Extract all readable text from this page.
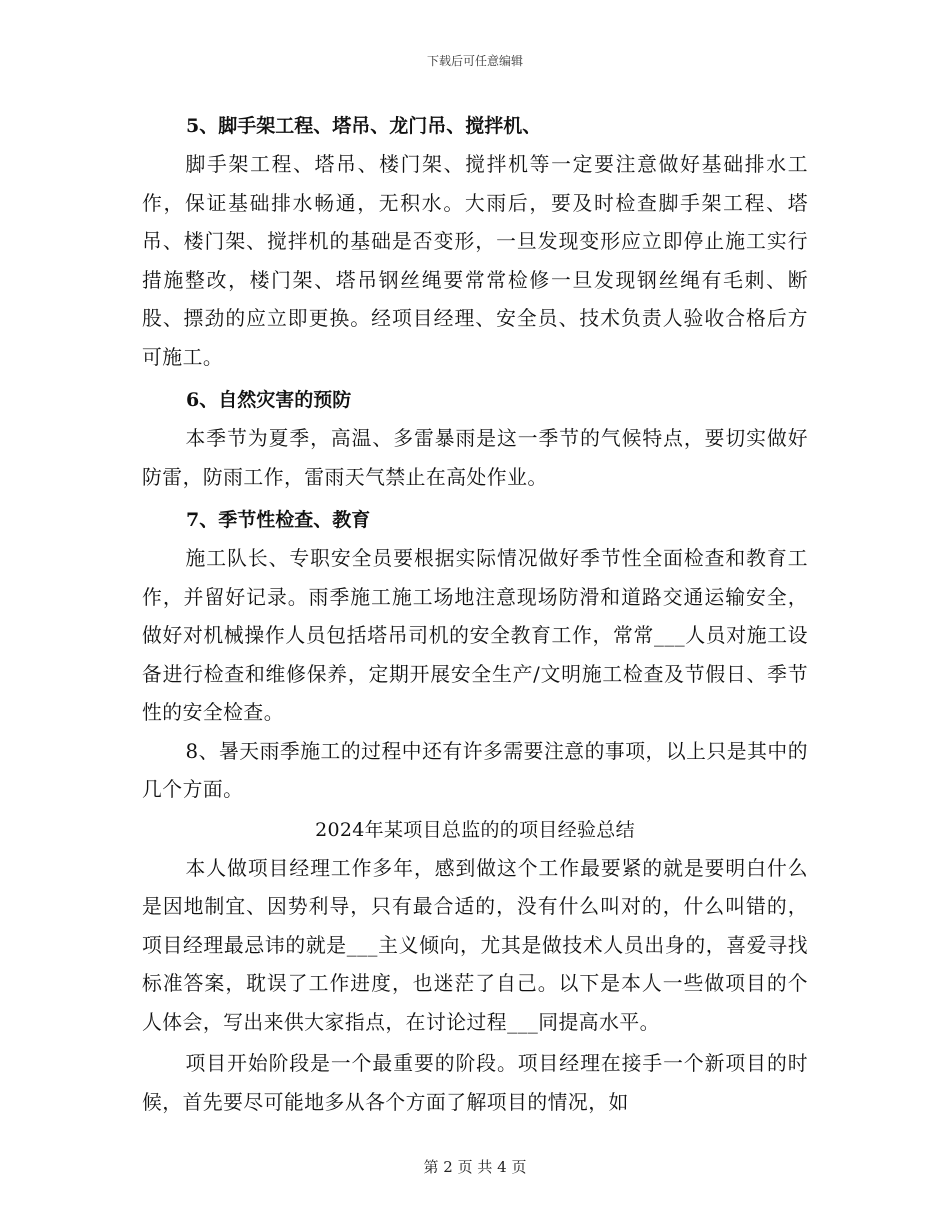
下载后可任意编辑

5、脚手架工程、塔吊、龙门吊、搅拌机、

脚手架工程、塔吊、楼门架、搅拌机等一定要注意做好基础排水工作，保证基础排水畅通，无积水。大雨后，要及时检查脚手架工程、塔吊、楼门架、搅拌机的基础是否变形，一旦发现变形应立即停止施工实行措施整改，楼门架、塔吊钢丝绳要常常检修一旦发现钢丝绳有毛刺、断股、摽劲的应立即更换。经项目经理、安全员、技术负责人验收合格后方可施工。

6、自然灾害的预防

本季节为夏季，高温、多雷暴雨是这一季节的气候特点，要切实做好防雷，防雨工作，雷雨天气禁止在高处作业。

7、季节性检查、教育

施工队长、专职安全员要根据实际情况做好季节性全面检查和教育工作，并留好记录。雨季施工施工场地注意现场防滑和道路交通运输安全，做好对机械操作人员包括塔吊司机的安全教育工作，常常___人员对施工设备进行检查和维修保养，定期开展安全生产/文明施工检查及节假日、季节性的安全检查。

8、暑天雨季施工的过程中还有许多需要注意的事项，以上只是其中的几个方面。

2024年某项目总监的的项目经验总结

本人做项目经理工作多年，感到做这个工作最要紧的就是要明白什么是因地制宜、因势利导，只有最合适的，没有什么叫对的，什么叫错的，项目经理最忌讳的就是___主义倾向，尤其是做技术人员出身的，喜爱寻找标准答案，耽误了工作进度，也迷茫了自己。以下是本人一些做项目的个人体会，写出来供大家指点，在讨论过程___同提高水平。

项目开始阶段是一个最重要的阶段。项目经理在接手一个新项目的时候，首先要尽可能地多从各个方面了解项目的情况，如

第 2 页 共 4 页
